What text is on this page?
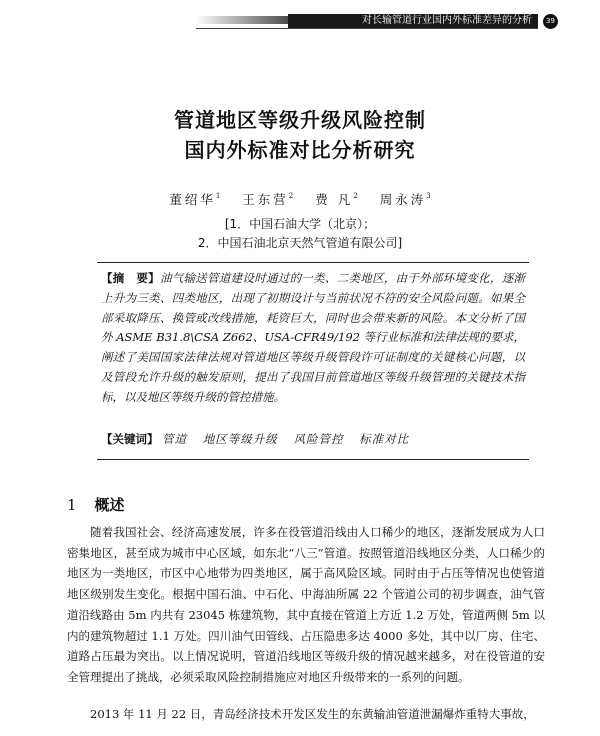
对长输管道行业国内外标准差异的分析	39
管道地区等级升级风险控制
国内外标准对比分析研究
董绍华$^1$ 王东营$^2$ 费 凡$^2$ 周永涛$^3$
[1．中国石油大学（北京）；
2．中国石油北京天然气管道有限公司]
【摘　要】油气输送管道建设时通过的一类、二类地区，由于外部环境变化，逐渐上升为三类、四类地区，出现了初期设计与当前状况不符的安全风险问题。如果全部采取降压、换管或改线措施，耗资巨大，同时也会带来新的风险。本文分析了国外 ASME B31.8\CSA Z662、USA-CFR49/192 等行业标准和法律法规的要求，阐述了美国国家法律法规对管道地区等级升级管段许可证制度的关键核心问题，以及管段允许升级的触发原则，提出了我国目前管道地区等级升级管理的关键技术指标，以及地区等级升级的管控措施。
【关键词】 管道 地区等级升级 风险管控 标准对比
1 概述
随着我国社会、经济高速发展，许多在役管道沿线由人口稀少的地区，逐渐发展成为人口密集地区，甚至成为城市中心区域，如东北“八三”管道。按照管道沿线地区分类，人口稀少的地区为一类地区，市区中心地带为四类地区，属于高风险区域。同时由于占压等情况也使管道地区级别发生变化。根据中国石油、中石化、中海油所属 22 个管道公司的初步调查，油气管道沿线路由 5m 内共有 23045 栋建筑物，其中直接在管道上方近 1.2 万处，管道两侧 5m 以内的建筑物超过 1.1 万处。四川油气田管线、占压隐患多达 4000 多处，其中以厂房、住宅、道路占压最为突出。以上情况说明，管道沿线地区等级升级的情况越来越多，对在役管道的安全管理提出了挑战，必须采取风险控制措施应对地区升级带来的一系列的问题。
2013 年 11 月 22 日，青岛经济技术开发区发生的东黄输油管道泄漏爆炸重特大事故，
